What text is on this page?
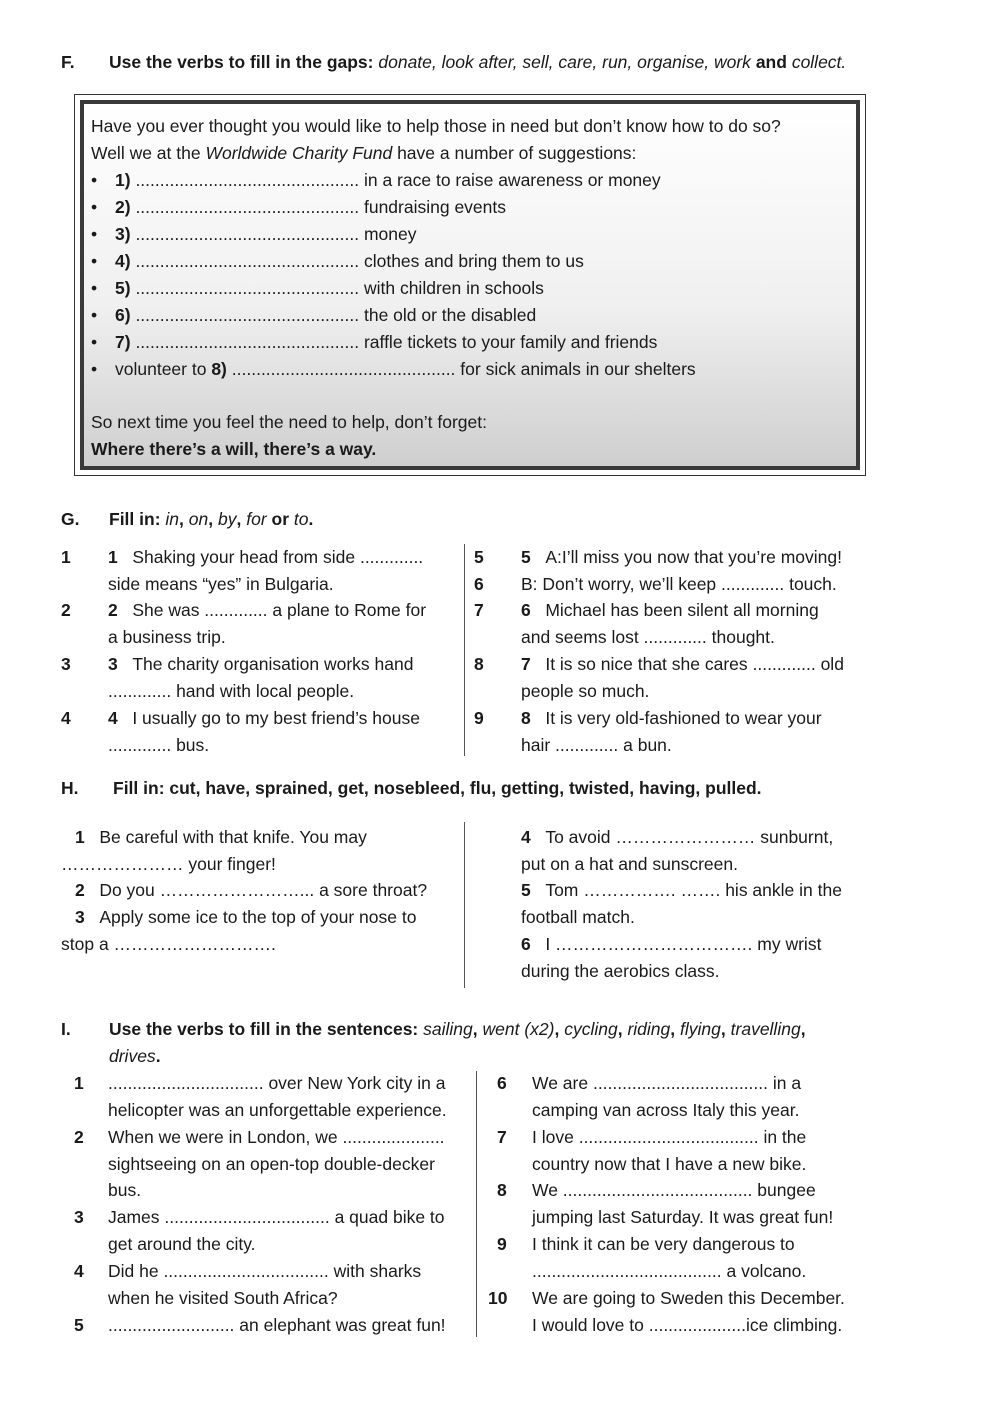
F. Use the verbs to fill in the gaps: donate, look after, sell, care, run, organise, work and collect.
Have you ever thought you would like to help those in need but don’t know how to do so?
Well we at the Worldwide Charity Fund have a number of suggestions:
• 1) .............................................. in a race to raise awareness or money
• 2) .............................................. fundraising events
• 3) .............................................. money
• 4) .............................................. clothes and bring them to us
• 5) .............................................. with children in schools
• 6) .............................................. the old or the disabled
• 7) .............................................. raffle tickets to your family and friends
• volunteer to 8) .............................................. for sick animals in our shelters
So next time you feel the need to help, don’t forget:
Where there’s a will, there’s a way.
G. Fill in: in, on, by, for or to.
1
2
3
4
5
6
7
8
9
1 Shaking your head from side .............
side means “yes” in Bulgaria.
2 She was ............. a plane to Rome for
a business trip.
3 The charity organisation works hand
............. hand with local people.
4 I usually go to my best friend’s house
............. bus.
5 A:I’ll miss you now that you’re moving!
B: Don’t worry, we’ll keep ............. touch.
6 Michael has been silent all morning
and seems lost ............. thought.
7 It is so nice that she cares ............. old
people so much.
8 It is very old-fashioned to wear your
hair ............. a bun.
H. Fill in: cut, have, sprained, get, nosebleed, flu, getting, twisted, having, pulled.
1 Be careful with that knife. You may
………………… your finger!
2 Do you ……………………... a sore throat?
3 Apply some ice to the top of your nose to
stop a ……………………….
4 To avoid …………………… sunburnt,
put on a hat and sunscreen.
5 Tom ……………. ……. his ankle in the
football match.
6 I ……………………………. my wrist
during the aerobics class.
I. Use the verbs to fill in the sentences: sailing, went (x2), cycling, riding, flying, travelling,
drives.
1 ................................ over New York city in a
helicopter was an unforgettable experience.
2 When we were in London, we .....................
sightseeing on an open-top double-decker
bus.
3 James .................................. a quad bike to
get around the city.
4 Did he .................................. with sharks
when he visited South Africa?
5 .......................... an elephant was great fun!
6 We are .................................... in a
camping van across Italy this year.
7 I love ..................................... in the
country now that I have a new bike.
8 We ....................................... bungee
jumping last Saturday. It was great fun!
9 I think it can be very dangerous to
....................................... a volcano.
10 We are going to Sweden this December.
I would love to ....................ice climbing.
